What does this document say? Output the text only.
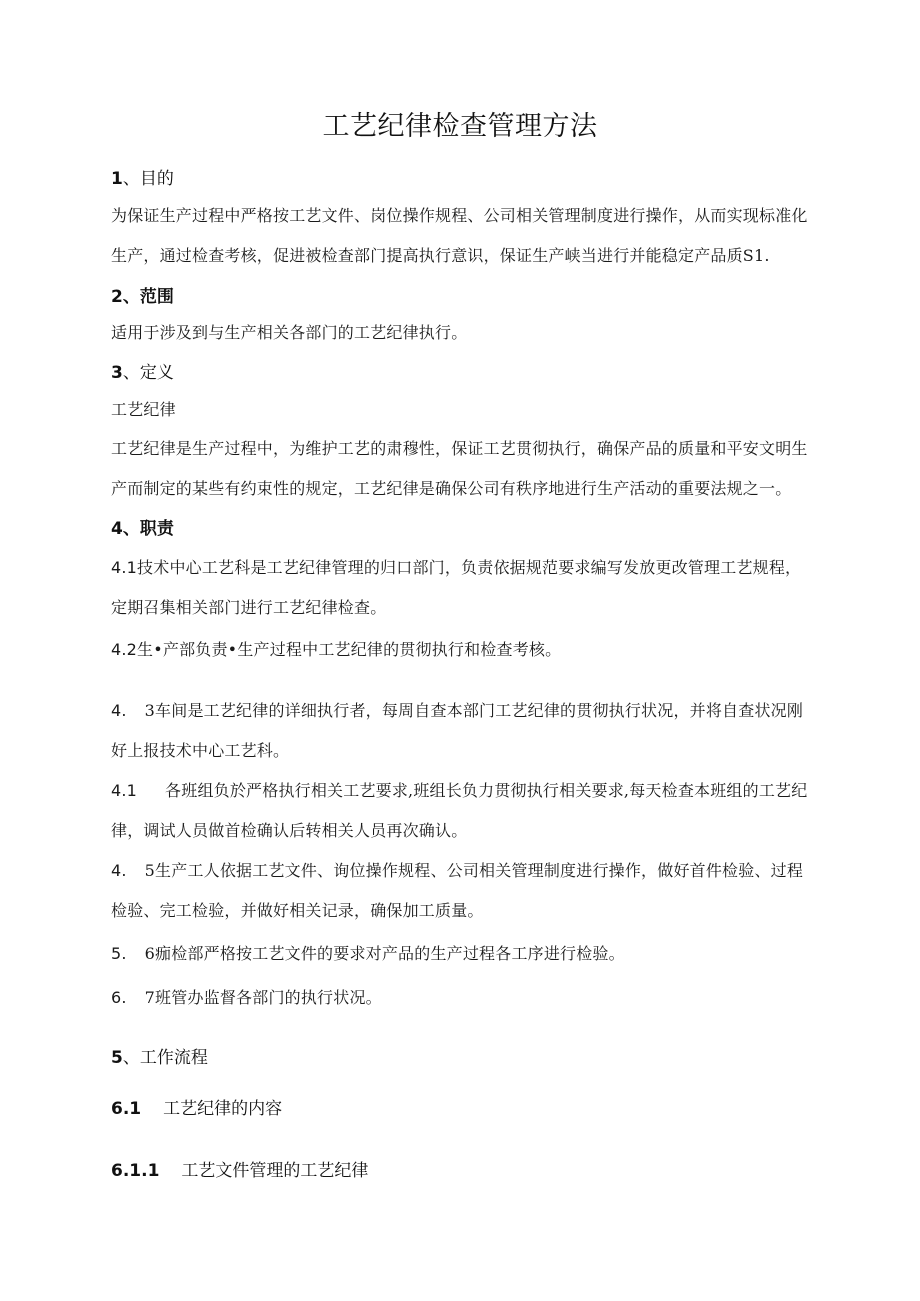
工艺纪律检查管理方法
1、目的
为保证生产过程中严格按工艺文件、岗位操作规程、公司相关管理制度进行操作，从而实现标准化
生产，通过检查考核，促进被检查部门提高执行意识，保证生产峡当进行并能稳定产品质S1.
2、范围
适用于涉及到与生产相关各部门的工艺纪律执行。
3、定义
工艺纪律
工艺纪律是生产过程中，为维护工艺的肃穆性，保证工艺贯彻执行，确保产品的质量和平安文明生
产而制定的某些有约束性的规定，工艺纪律是确保公司有秩序地进行生产活动的重要法规之一。
4、职责
4.1技术中心工艺科是工艺纪律管理的归口部门，负责依据规范要求编写发放更改管理工艺规程，
定期召集相关部门进行工艺纪律检查。
4.2生•产部负责•生产过程中工艺纪律的贯彻执行和检查考核。
4. 3车间是工艺纪律的详细执行者，每周自查本部门工艺纪律的贯彻执行状况，并将自查状况刚
好上报技术中心工艺科。
4.1 各班组负於严格执行相关工艺要求,班组长负力贯彻执行相关要求,每天检查本班组的工艺纪
律，调试人员做首检确认后转相关人员再次确认。
4. 5生产工人依据工艺文件、询位操作规程、公司相关管理制度进行操作，做好首件检验、过程
检验、完工检验，并做好相关记录，确保加工质量。
5. 6痂检部严格按工艺文件的要求对产品的生产过程各工序进行检验。
6. 7班管办监督各部门的执行状况。
5、工作流程
6.1 工艺纪律的内容
6.1.1 工艺文件管理的工艺纪律
